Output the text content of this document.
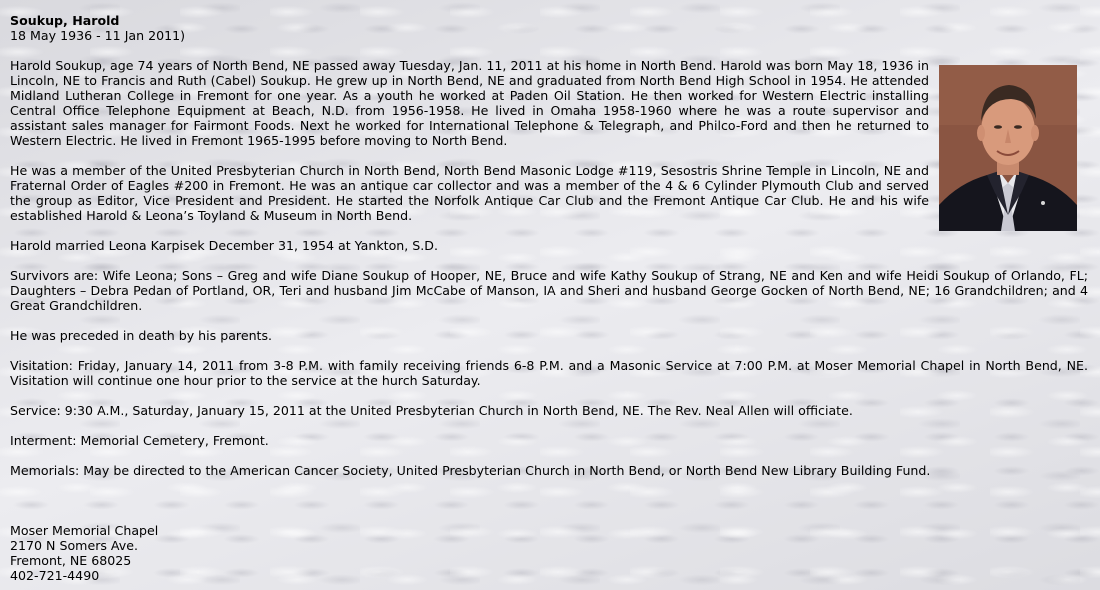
Soukup, Harold
18 May 1936 - 11 Jan 2011)

Harold Soukup, age 74 years of North Bend, NE passed away Tuesday, Jan. 11, 2011 at his home in North Bend. Harold was born May 18, 1936 in Lincoln, NE to Francis and Ruth (Cabel) Soukup. He grew up in North Bend, NE and graduated from North Bend High School in 1954. He attended Midland Lutheran College in Fremont for one year. As a youth he worked at Paden Oil Station. He then worked for Western Electric installing Central Office Telephone Equipment at Beach, N.D. from 1956-1958. He lived in Omaha 1958-1960 where he was a route supervisor and assistant sales manager for Fairmont Foods. Next he worked for International Telephone & Telegraph, and Philco-Ford and then he returned to Western Electric. He lived in Fremont 1965-1995 before moving to North Bend.

He was a member of the United Presbyterian Church in North Bend, North Bend Masonic Lodge #119, Sesostris Shrine Temple in Lincoln, NE and Fraternal Order of Eagles #200 in Fremont. He was an antique car collector and was a member of the 4 & 6 Cylinder Plymouth Club and served the group as Editor, Vice President and President. He started the Norfolk Antique Car Club and the Fremont Antique Car Club. He and his wife established Harold & Leona’s Toyland & Museum in North Bend.

Harold married Leona Karpisek December 31, 1954 at Yankton, S.D.

Survivors are: Wife Leona; Sons – Greg and wife Diane Soukup of Hooper, NE, Bruce and wife Kathy Soukup of Strang, NE and Ken and wife Heidi Soukup of Orlando, FL; Daughters – Debra Pedan of Portland, OR, Teri and husband Jim McCabe of Manson, IA and Sheri and husband George Gocken of North Bend, NE; 16 Grandchildren; and 4 Great Grandchildren.

He was preceded in death by his parents.

Visitation: Friday, January 14, 2011 from 3-8 P.M. with family receiving friends 6-8 P.M. and a Masonic Service at 7:00 P.M. at Moser Memorial Chapel in North Bend, NE. Visitation will continue one hour prior to the service at the hurch Saturday.

Service: 9:30 A.M., Saturday, January 15, 2011 at the United Presbyterian Church in North Bend, NE. The Rev. Neal Allen will officiate.

Interment: Memorial Cemetery, Fremont.

Memorials: May be directed to the American Cancer Society, United Presbyterian Church in North Bend, or North Bend New Library Building Fund.

Moser Memorial Chapel
2170 N Somers Ave.
Fremont, NE 68025
402-721-4490
